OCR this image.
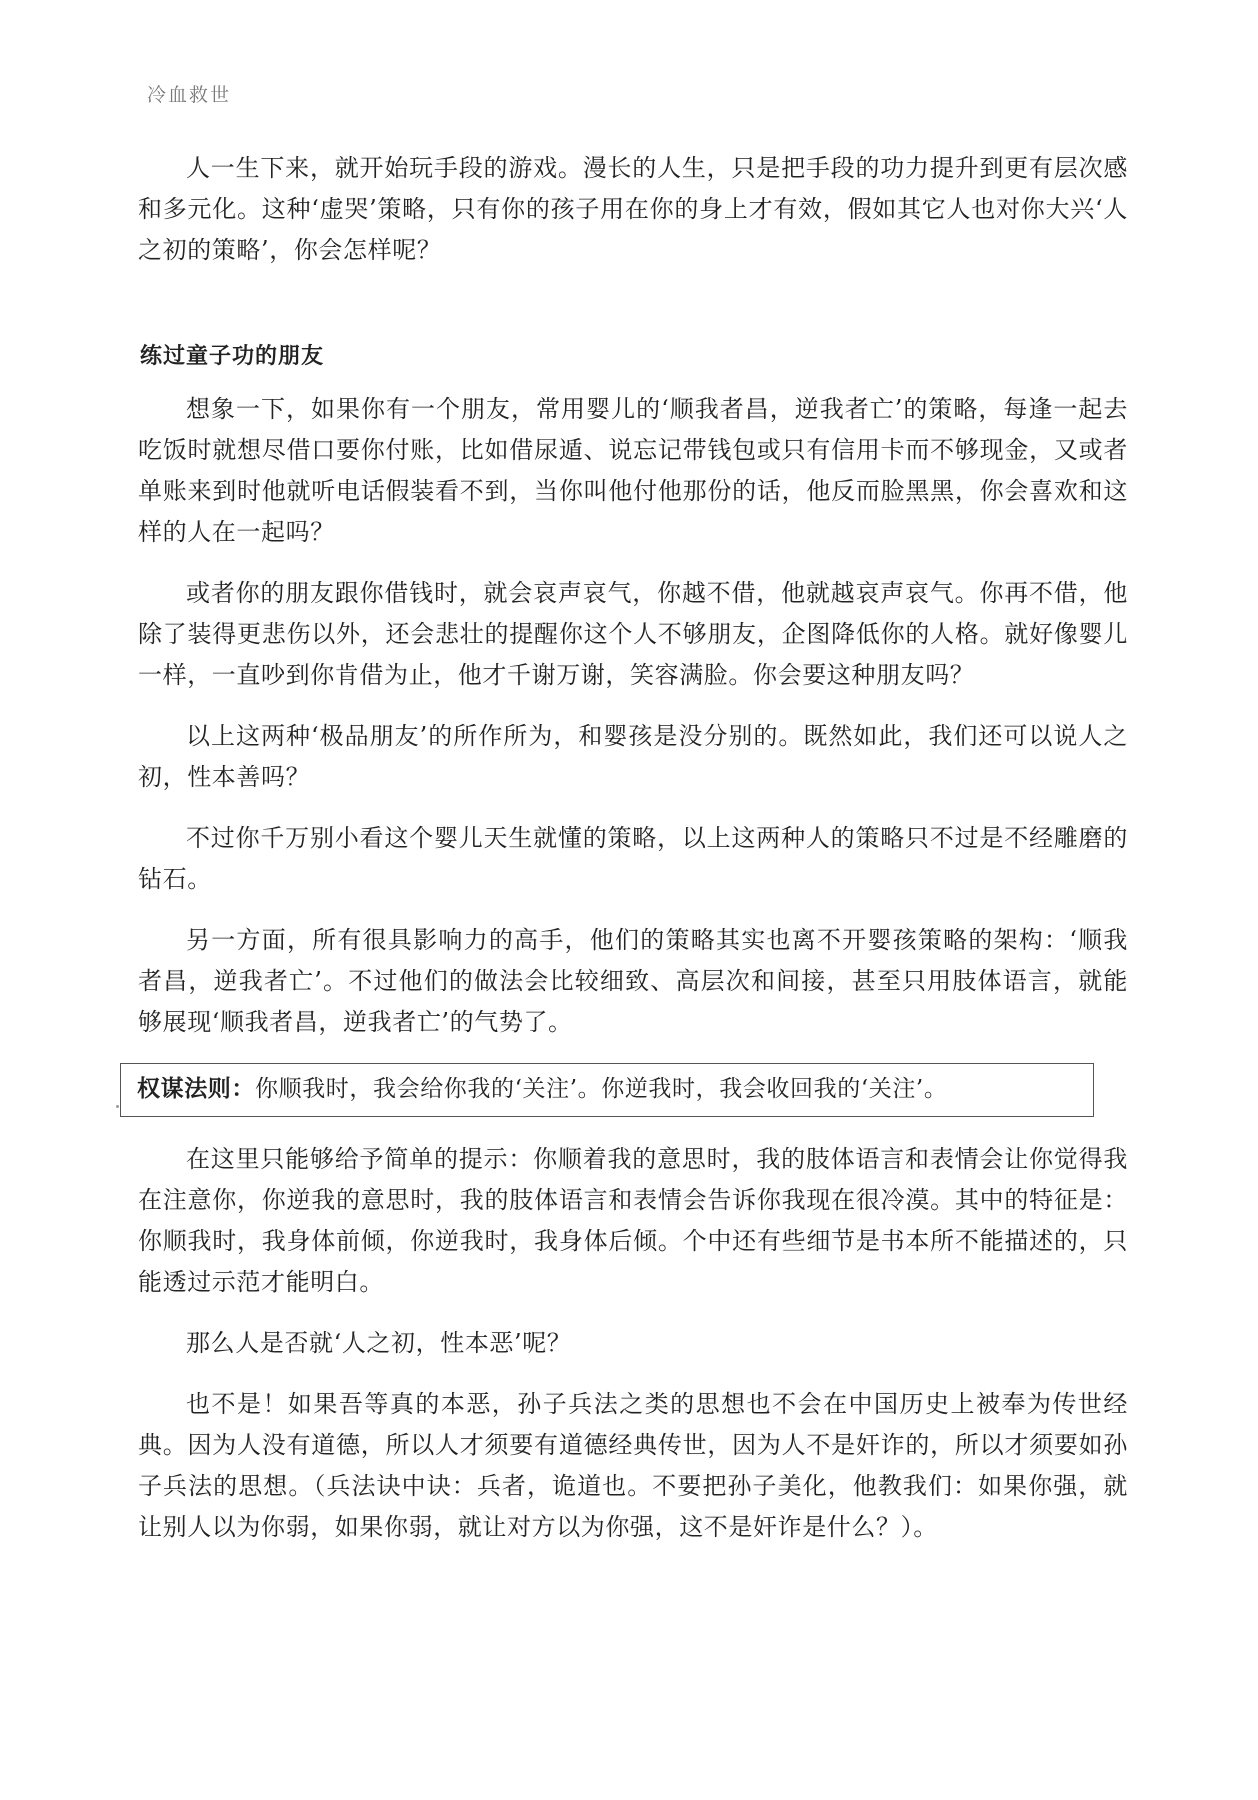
冷血救世

人一生下来，就开始玩手段的游戏。漫长的人生，只是把手段的功力提升到更有层次感和多元化。这种‘虚哭’策略，只有你的孩子用在你的身上才有效，假如其它人也对你大兴‘人之初的策略’，你会怎样呢？

练过童子功的朋友

想象一下，如果你有一个朋友，常用婴儿的‘顺我者昌，逆我者亡’的策略，每逢一起去吃饭时就想尽借口要你付账，比如借尿遁、说忘记带钱包或只有信用卡而不够现金，又或者单账来到时他就听电话假装看不到，当你叫他付他那份的话，他反而脸黑黑，你会喜欢和这样的人在一起吗？

或者你的朋友跟你借钱时，就会哀声哀气，你越不借，他就越哀声哀气。你再不借，他除了装得更悲伤以外，还会悲壮的提醒你这个人不够朋友，企图降低你的人格。就好像婴儿一样，一直吵到你肯借为止，他才千谢万谢，笑容满脸。你会要这种朋友吗？

以上这两种‘极品朋友’的所作所为，和婴孩是没分别的。既然如此，我们还可以说人之初，性本善吗？

不过你千万别小看这个婴儿天生就懂的策略，以上这两种人的策略只不过是不经雕磨的钻石。

另一方面，所有很具影响力的高手，他们的策略其实也离不开婴孩策略的架构：‘顺我者昌，逆我者亡’。不过他们的做法会比较细致、高层次和间接，甚至只用肢体语言，就能够展现‘顺我者昌，逆我者亡’的气势了。

权谋法则：你顺我时，我会给你我的‘关注’。你逆我时，我会收回我的‘关注’。

在这里只能够给予简单的提示：你顺着我的意思时，我的肢体语言和表情会让你觉得我在注意你，你逆我的意思时，我的肢体语言和表情会告诉你我现在很冷漠。其中的特征是：你顺我时，我身体前倾，你逆我时，我身体后倾。个中还有些细节是书本所不能描述的，只能透过示范才能明白。

那么人是否就‘人之初，性本恶’呢？

也不是！如果吾等真的本恶，孙子兵法之类的思想也不会在中国历史上被奉为传世经典。因为人没有道德，所以人才须要有道德经典传世，因为人不是奸诈的，所以才须要如孙子兵法的思想。（兵法诀中诀：兵者，诡道也。不要把孙子美化，他教我们：如果你强，就让别人以为你弱，如果你弱，就让对方以为你强，这不是奸诈是什么？）。
